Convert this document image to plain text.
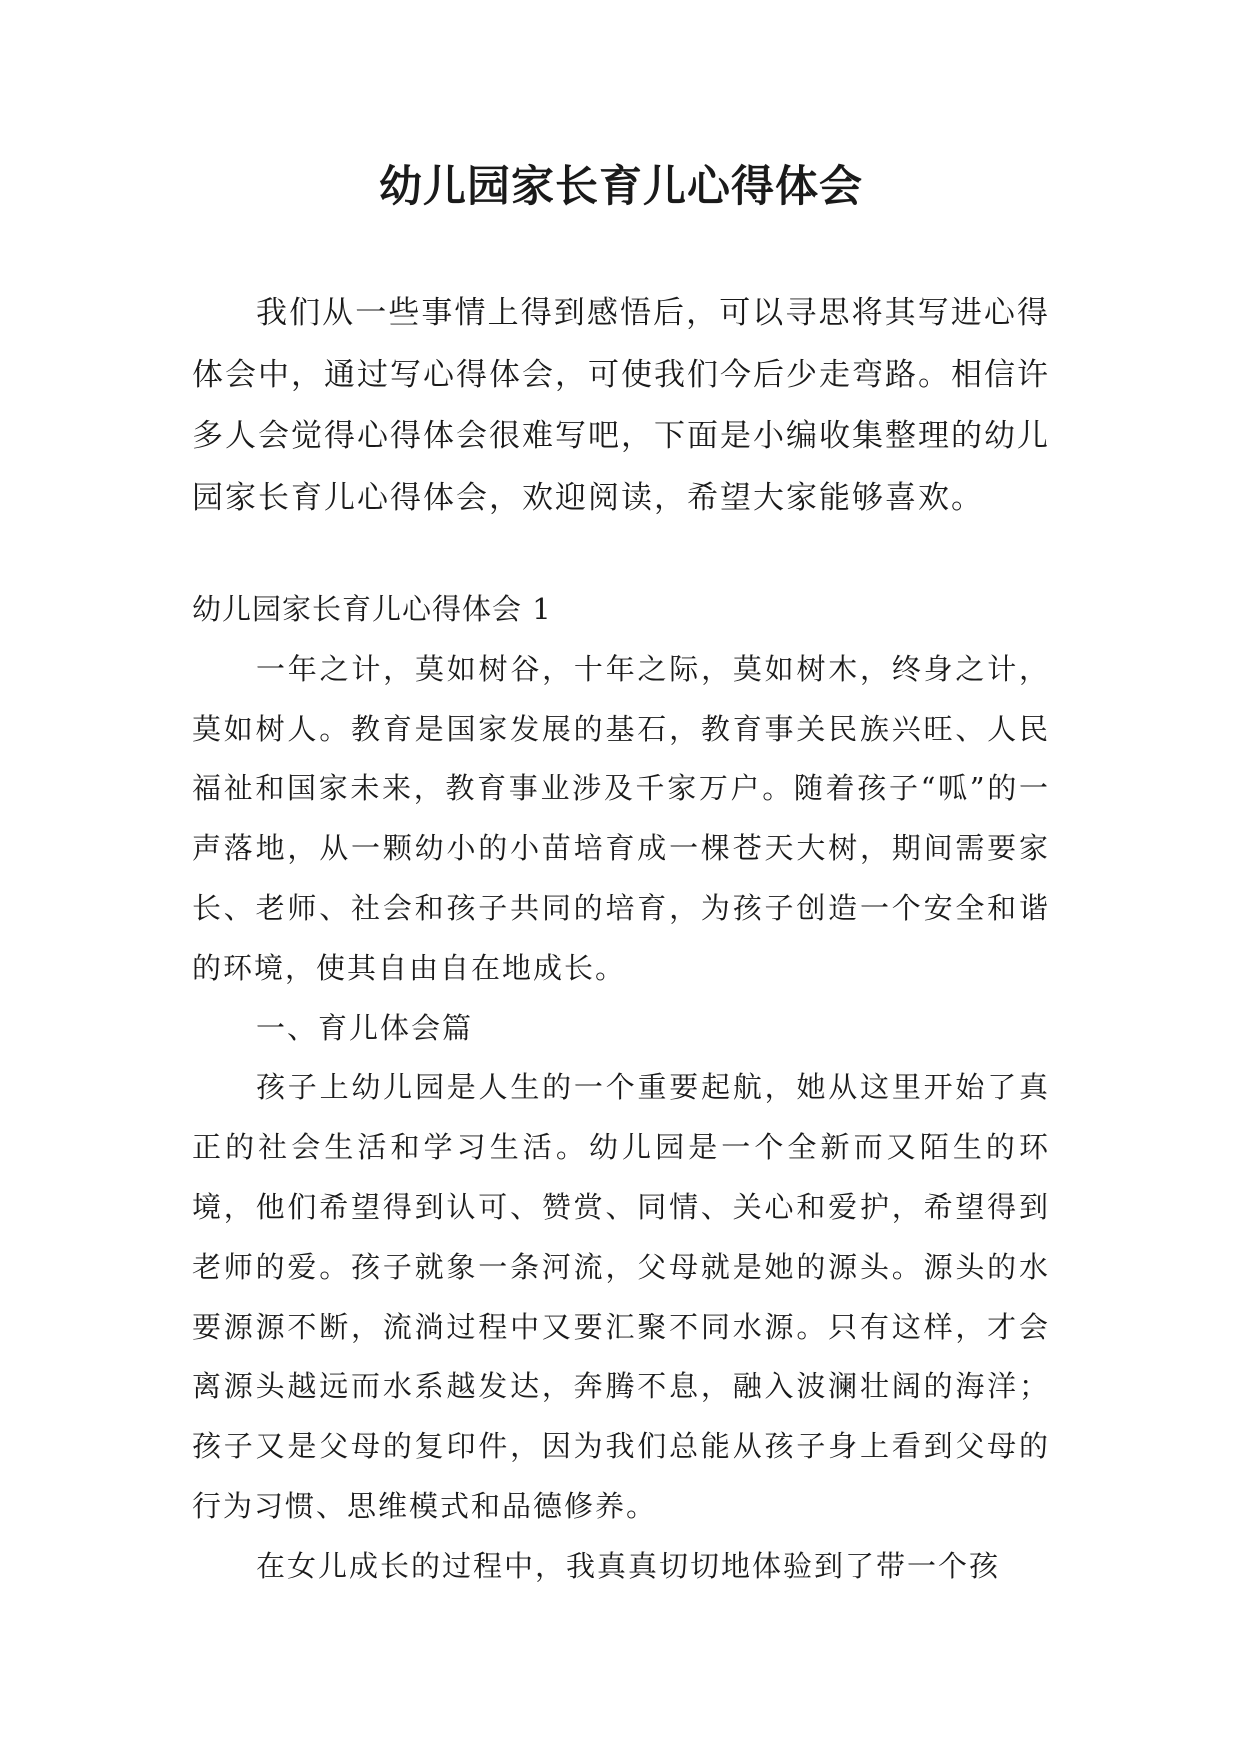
幼儿园家长育儿心得体会

我们从一些事情上得到感悟后，可以寻思将其写进心得体会中，通过写心得体会，可使我们今后少走弯路。相信许多人会觉得心得体会很难写吧，下面是小编收集整理的幼儿园家长育儿心得体会，欢迎阅读，希望大家能够喜欢。

幼儿园家长育儿心得体会 1

一年之计，莫如树谷，十年之际，莫如树木，终身之计，莫如树人。教育是国家发展的基石，教育事关民族兴旺、人民福祉和国家未来，教育事业涉及千家万户。随着孩子“呱”的一声落地，从一颗幼小的小苗培育成一棵苍天大树，期间需要家长、老师、社会和孩子共同的培育，为孩子创造一个安全和谐的环境，使其自由自在地成长。

一、育儿体会篇

孩子上幼儿园是人生的一个重要起航，她从这里开始了真正的社会生活和学习生活。幼儿园是一个全新而又陌生的环境，他们希望得到认可、赞赏、同情、关心和爱护，希望得到老师的爱。孩子就象一条河流，父母就是她的源头。源头的水要源源不断，流淌过程中又要汇聚不同水源。只有这样，才会离源头越远而水系越发达，奔腾不息，融入波澜壮阔的海洋；孩子又是父母的复印件，因为我们总能从孩子身上看到父母的行为习惯、思维模式和品德修养。

在女儿成长的过程中，我真真切切地体验到了带一个孩
